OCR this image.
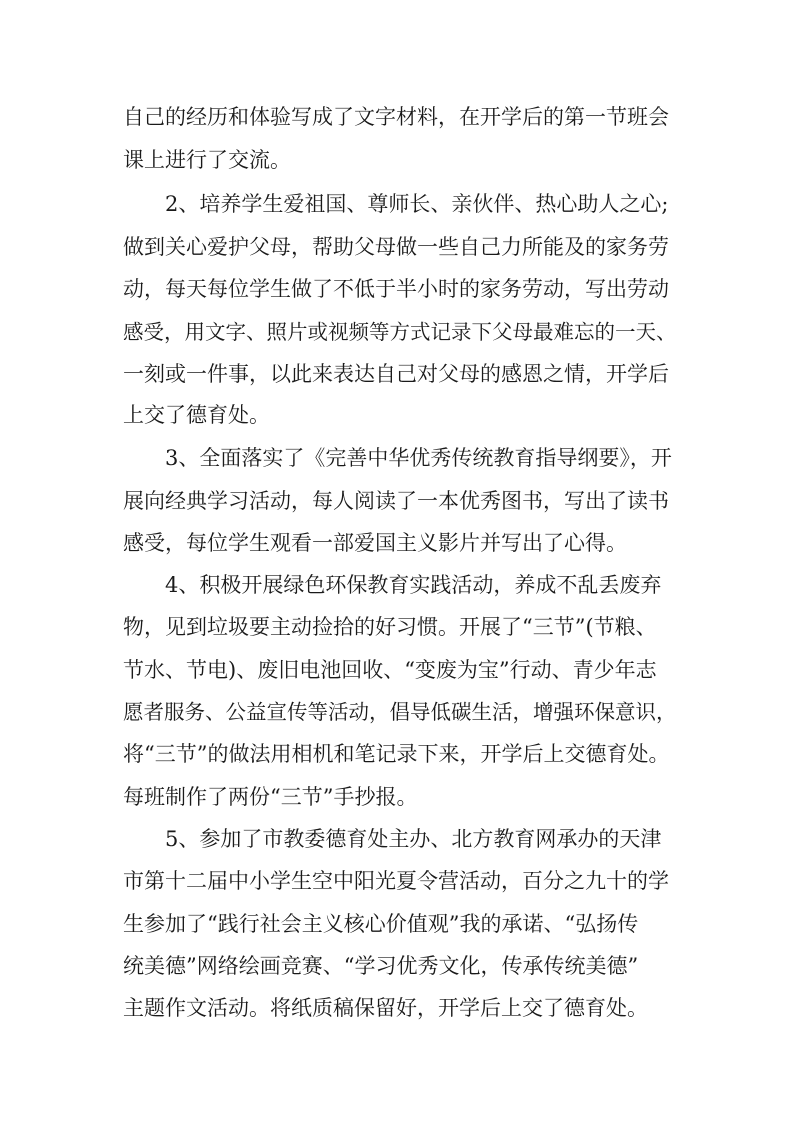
自己的经历和体验写成了文字材料，在开学后的第一节班会
课上进行了交流。
2、培养学生爱祖国、尊师长、亲伙伴、热心助人之心;
做到关心爱护父母，帮助父母做一些自己力所能及的家务劳
动，每天每位学生做了不低于半小时的家务劳动，写出劳动
感受，用文字、照片或视频等方式记录下父母最难忘的一天、
一刻或一件事，以此来表达自己对父母的感恩之情，开学后
上交了德育处。
3、全面落实了《完善中华优秀传统教育指导纲要》，开
展向经典学习活动，每人阅读了一本优秀图书，写出了读书
感受，每位学生观看一部爱国主义影片并写出了心得。
4、积极开展绿色环保教育实践活动，养成不乱丢废弃
物，见到垃圾要主动捡拾的好习惯。开展了“三节”(节粮、
节水、节电)、废旧电池回收、“变废为宝”行动、青少年志
愿者服务、公益宣传等活动，倡导低碳生活，增强环保意识，
将“三节”的做法用相机和笔记录下来，开学后上交德育处。
每班制作了两份“三节”手抄报。
5、参加了市教委德育处主办、北方教育网承办的天津
市第十二届中小学生空中阳光夏令营活动，百分之九十的学
生参加了“践行社会主义核心价值观”我的承诺、“弘扬传
统美德”网络绘画竞赛、“学习优秀文化，传承传统美德”
主题作文活动。将纸质稿保留好，开学后上交了德育处。
